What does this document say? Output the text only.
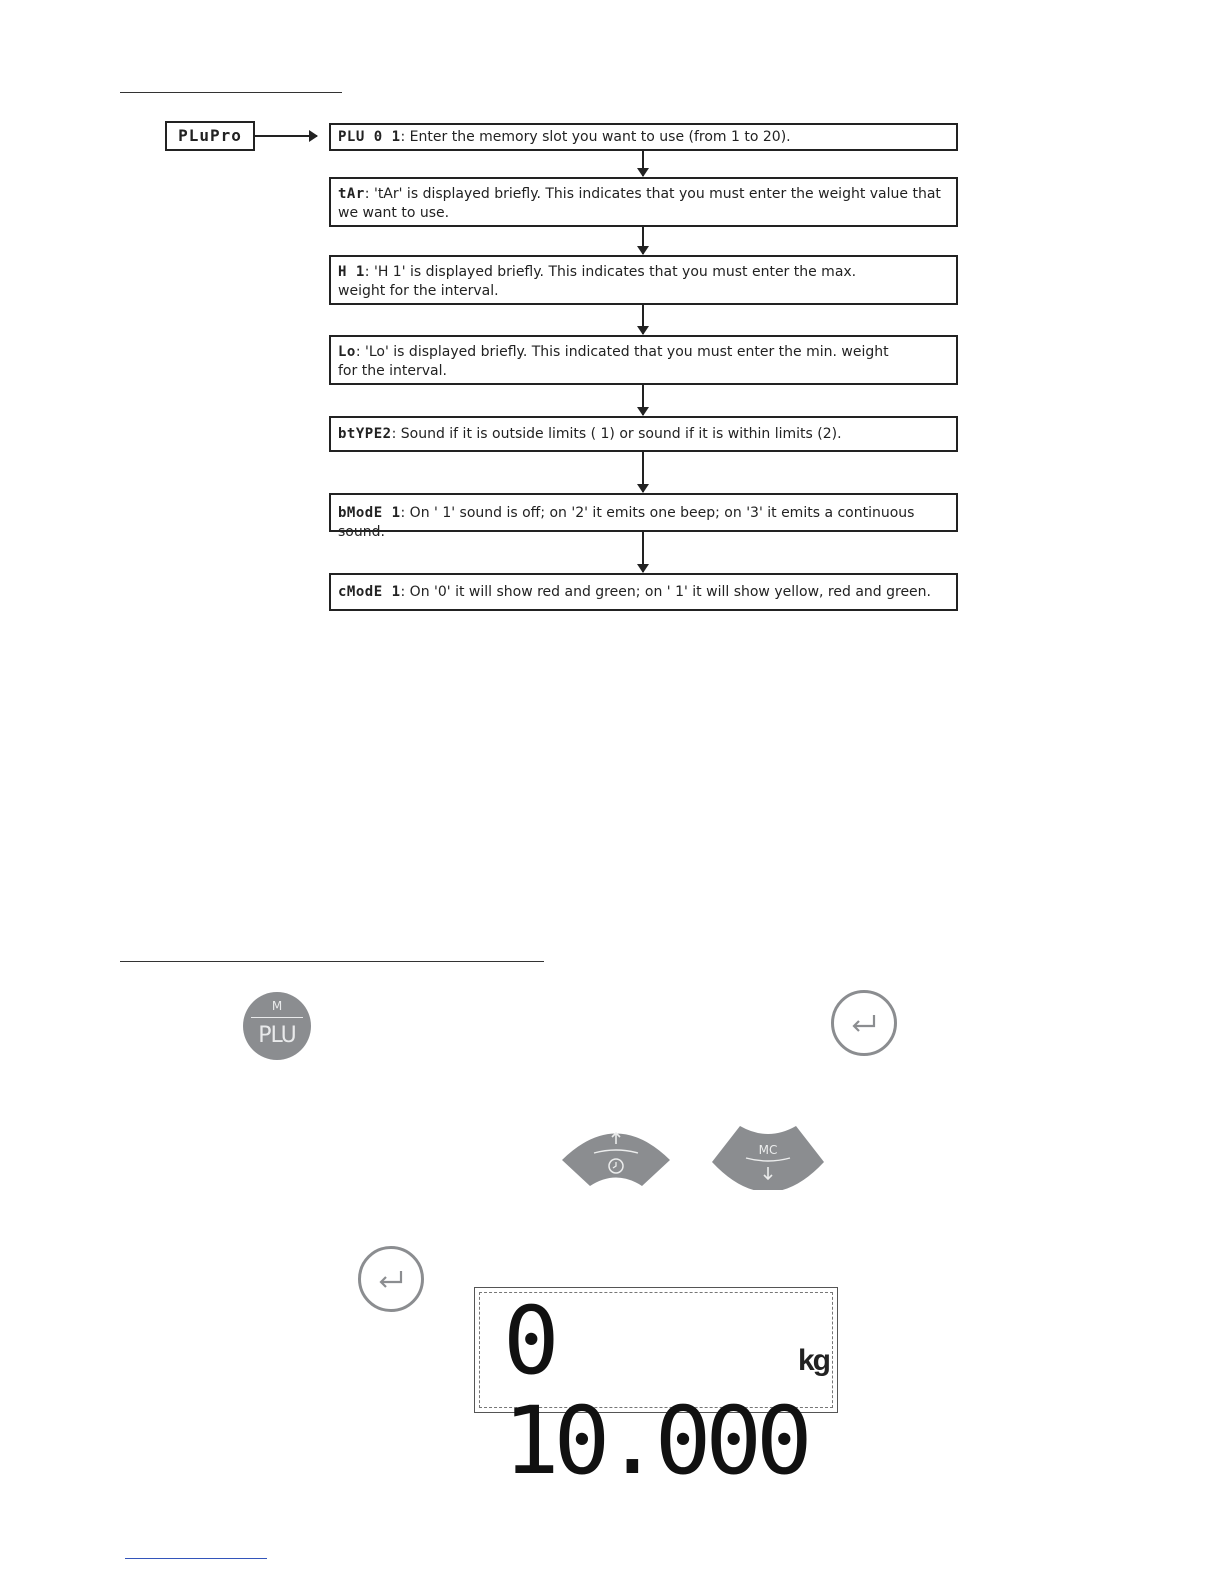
PLuPro	PLU 0 1: Enter the memory slot you want to use (from 1 to 20).
tAr: 'tAr' is displayed briefly. This indicates that you must enter the weight value that we want to use.
H 1: 'H 1' is displayed briefly. This indicates that you must enter the max. weight for the interval.
Lo: 'Lo' is displayed briefly. This indicated that you must enter the min. weight for the interval.
btYPE2: Sound if it is outside limits ( 1) or sound if it is within limits (2).
bModE 1: On ' 1' sound is off; on '2' it emits one beep; on '3' it emits a continuous sound.
cModE 1: On '0' it will show red and green; on ' 1' it will show yellow, red and green.
M
PLU
MC
0 10.000
kg
